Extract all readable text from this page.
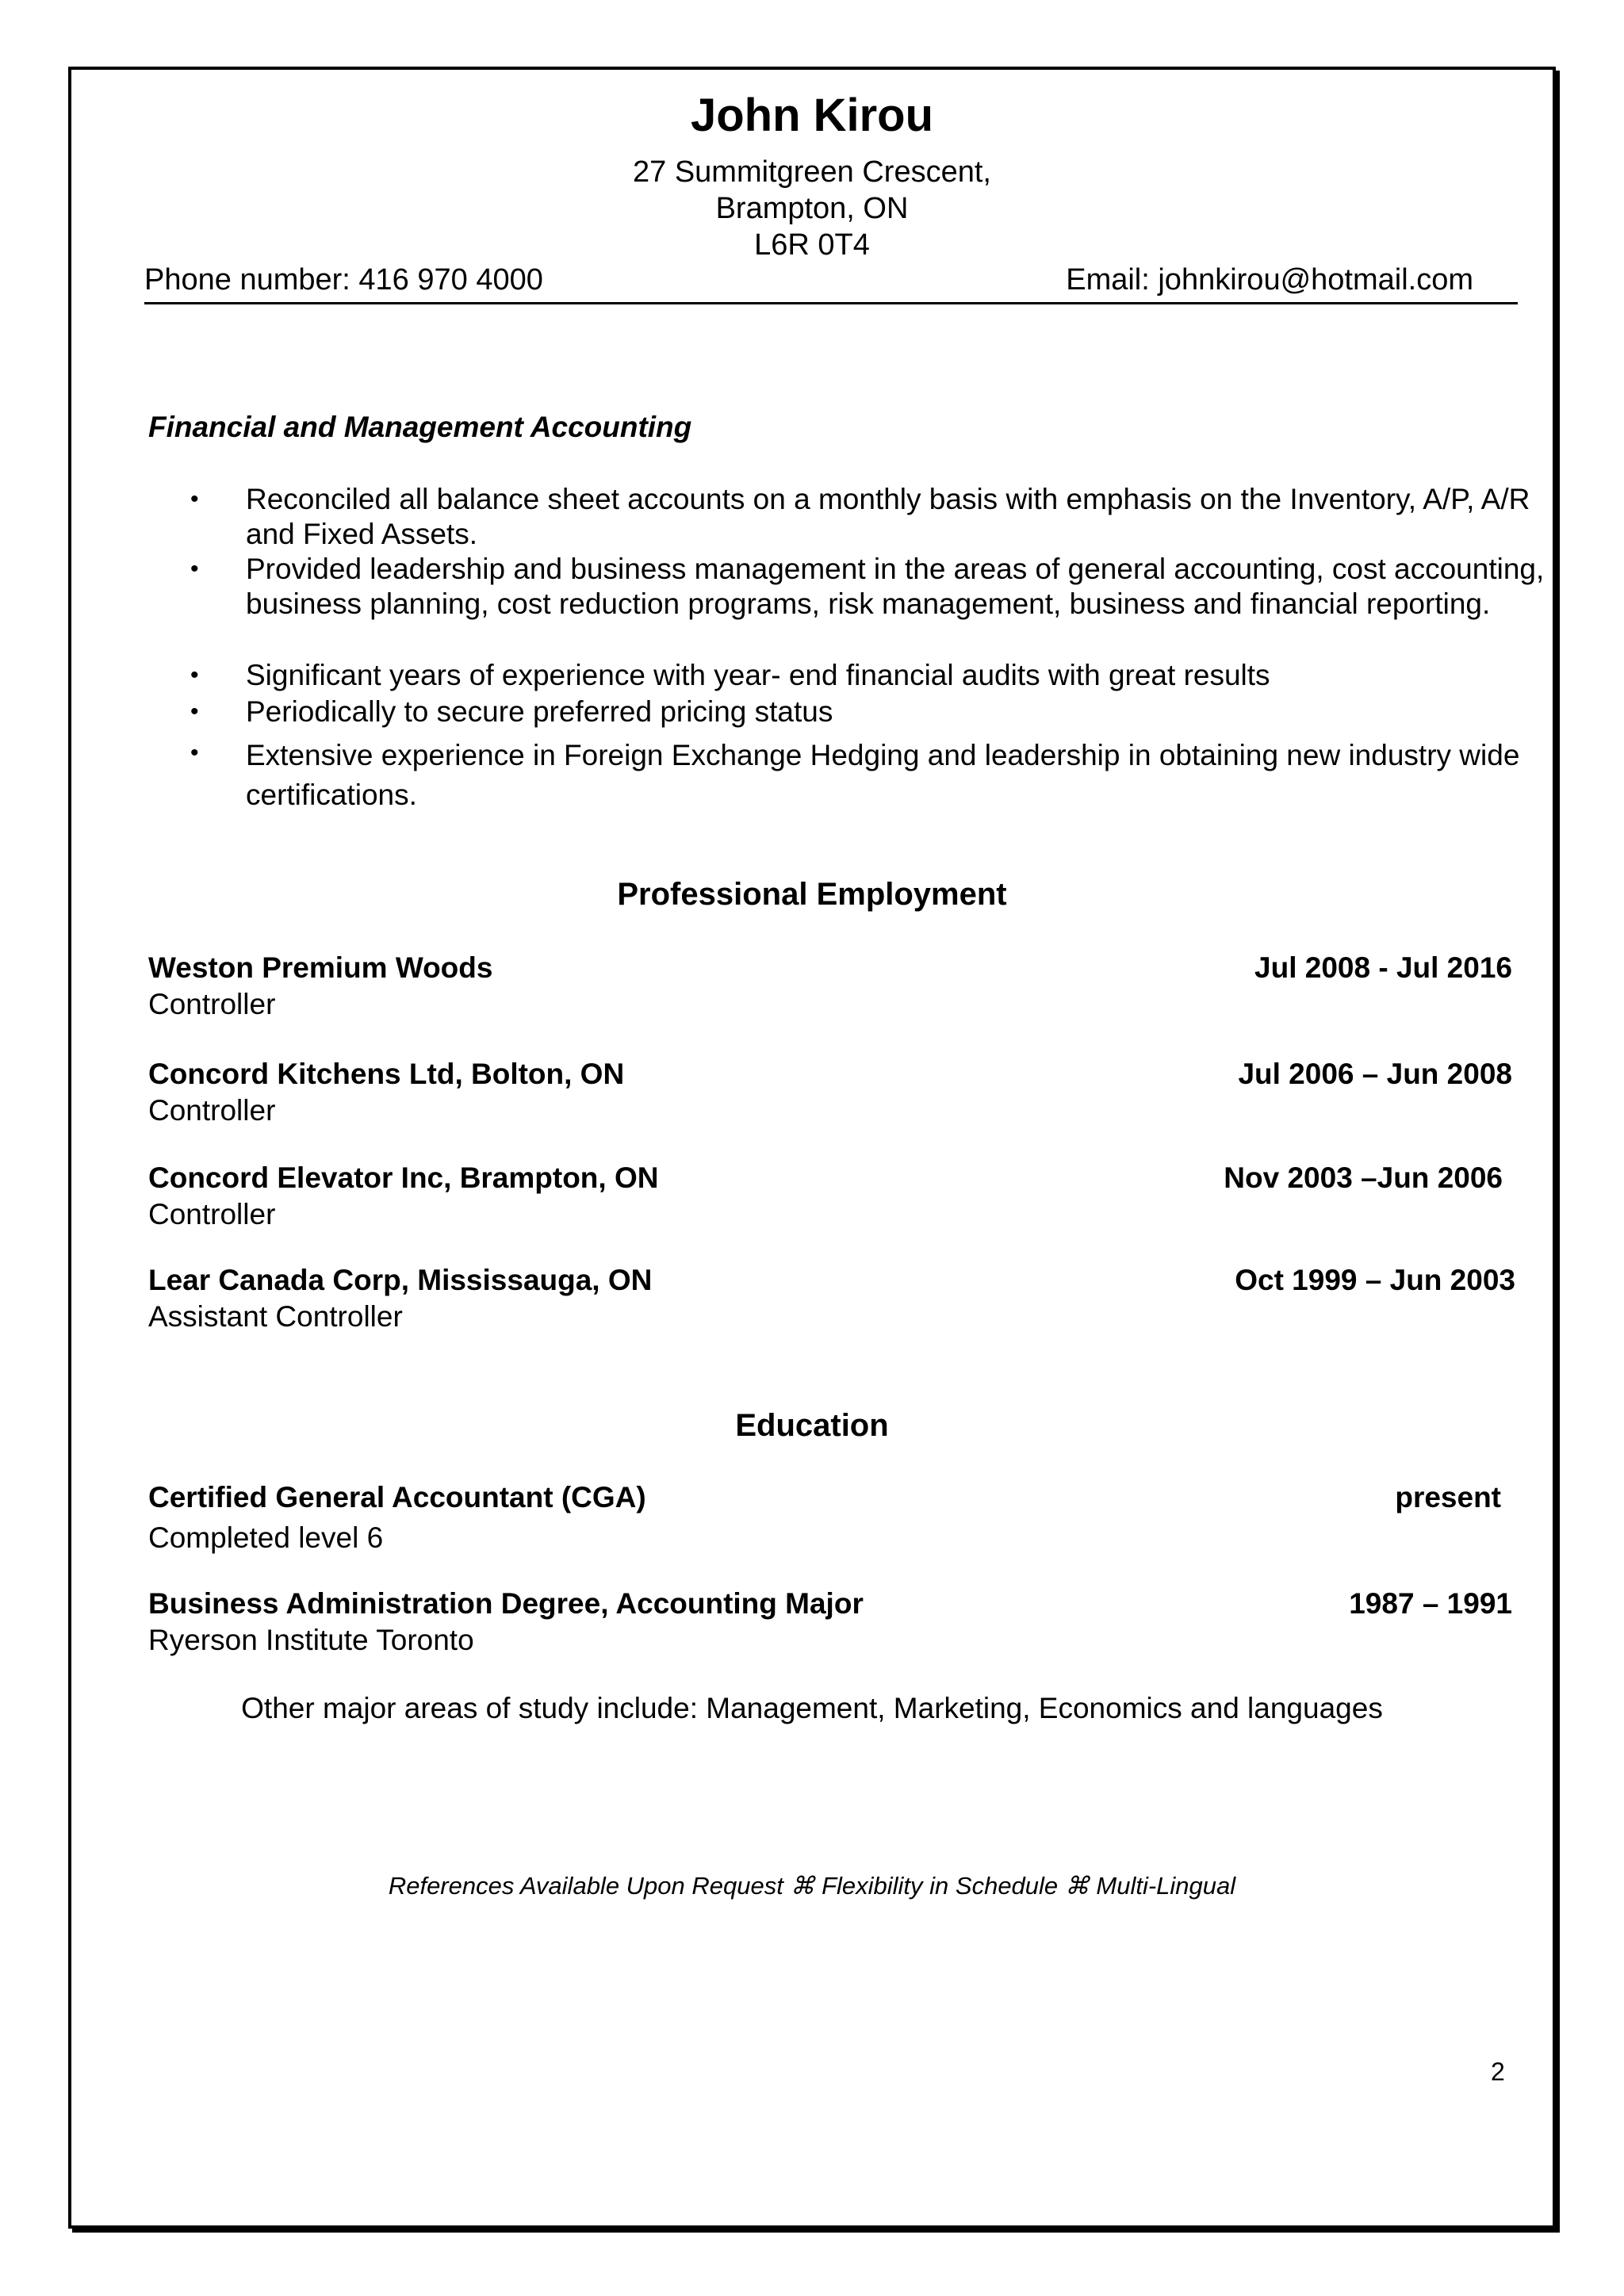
John Kirou
27 Summitgreen Crescent,
Brampton, ON
L6R 0T4
Phone number: 416 970 4000	Email: johnkirou@hotmail.com
Financial and Management Accounting
• Reconciled all balance sheet accounts on a monthly basis with emphasis on the Inventory, A/P, A/R and Fixed Assets.
• Provided leadership and business management in the areas of general accounting, cost accounting, business planning, cost reduction programs, risk management, business and financial reporting.
• Significant years of experience with year- end financial audits with great results
• Periodically to secure preferred pricing status
• Extensive experience in Foreign Exchange Hedging and leadership in obtaining new industry wide certifications.
Professional Employment
Weston Premium Woods	Jul 2008 - Jul 2016
Controller
Concord Kitchens Ltd, Bolton, ON	Jul 2006 – Jun 2008
Controller
Concord Elevator Inc, Brampton, ON	Nov 2003 –Jun 2006
Controller
Lear Canada Corp, Mississauga, ON	Oct 1999 – Jun 2003
Assistant Controller
Education
Certified General Accountant (CGA)	present
Completed level 6
Business Administration Degree, Accounting Major	1987 – 1991
Ryerson Institute Toronto
Other major areas of study include: Management, Marketing, Economics and languages
References Available Upon Request ⌘ Flexibility in Schedule ⌘ Multi-Lingual
2
